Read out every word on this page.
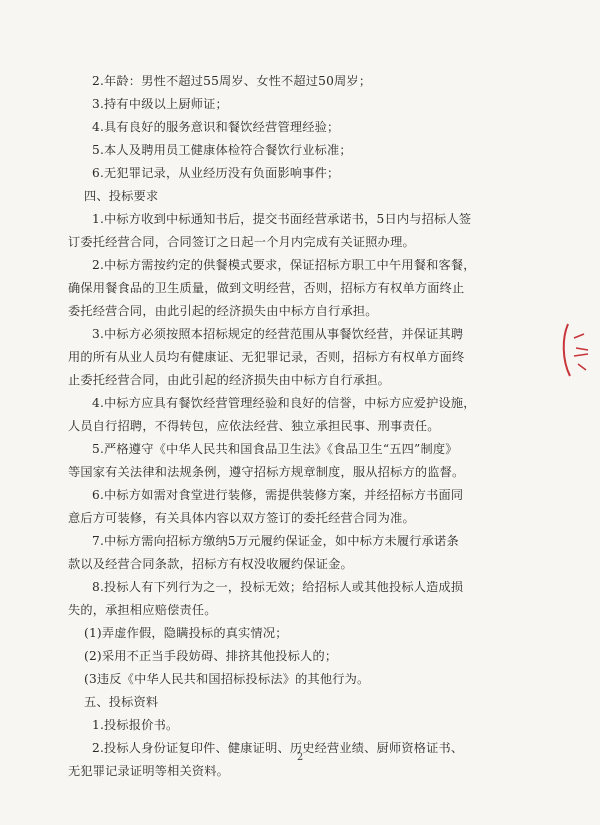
2.年龄：男性不超过55周岁、女性不超过50周岁；
3.持有中级以上厨师证；
4.具有良好的服务意识和餐饮经营管理经验；
5.本人及聘用员工健康体检符合餐饮行业标准；
6.无犯罪记录，从业经历没有负面影响事件；
四、投标要求
1.中标方收到中标通知书后，提交书面经营承诺书，5日内与招标人签
订委托经营合同，合同签订之日起一个月内完成有关证照办理。
2.中标方需按约定的供餐模式要求，保证招标方职工中午用餐和客餐，
确保用餐食品的卫生质量，做到文明经营，否则，招标方有权单方面终止
委托经营合同，由此引起的经济损失由中标方自行承担。
3.中标方必须按照本招标规定的经营范围从事餐饮经营，并保证其聘
用的所有从业人员均有健康证、无犯罪记录，否则，招标方有权单方面终
止委托经营合同，由此引起的经济损失由中标方自行承担。
4.中标方应具有餐饮经营管理经验和良好的信誉，中标方应爱护设施，
人员自行招聘，不得转包，应依法经营、独立承担民事、刑事责任。
5.严格遵守《中华人民共和国食品卫生法》《食品卫生“五四”制度》
等国家有关法律和法规条例，遵守招标方规章制度，服从招标方的监督。
6.中标方如需对食堂进行装修，需提供装修方案，并经招标方书面同
意后方可装修，有关具体内容以双方签订的委托经营合同为准。
7.中标方需向招标方缴纳5万元履约保证金，如中标方未履行承诺条
款以及经营合同条款，招标方有权没收履约保证金。
8.投标人有下列行为之一，投标无效；给招标人或其他投标人造成损
失的，承担相应赔偿责任。
(1)弄虚作假，隐瞒投标的真实情况；
(2)采用不正当手段妨碍、排挤其他投标人的；
(3违反《中华人民共和国招标投标法》的其他行为。
五、投标资料
1.投标报价书。
2.投标人身份证复印件、健康证明、历史经营业绩、厨师资格证书、
无犯罪记录证明等相关资料。
2
